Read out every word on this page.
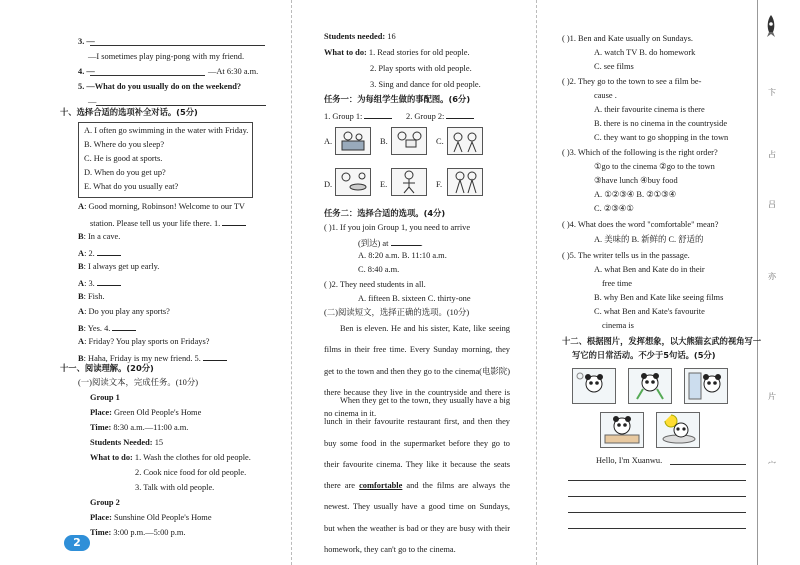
3. —
—I sometimes play ping-pong with my friend.
4. —	—At 6:30 a.m.
5. —What do you usually do on the weekend?
—
十、选择合适的选项补全对话。(5分)
A. I often go swimming in the water with Friday.
B. Where do you sleep?
C. He is good at sports.
D. When do you get up?
E. What do you usually eat?
A: Good morning, Robinson! Welcome to our TV
station. Please tell us your life there. 1.
B: In a cave.
A: 2.
B: I always get up early.
A: 3.
B: Fish.
A: Do you play any sports?
B: Yes. 4.
A: Friday? You play sports on Fridays?
B: Haha, Friday is my new friend. 5.
十一、阅读理解。(20分)
(一)阅读文本，完成任务。(10分)
Group 1
Place: Green Old People's Home
Time: 8:30 a.m.—11:00 a.m.
Students Needed: 15
What to do: 1. Wash the clothes for old people.
2. Cook nice food for old people.
3. Talk with old people.
Group 2
Place: Sunshine Old People's Home
Time: 3:00 p.m.—5:00 p.m.
2
Students needed: 16
What to do: 1. Read stories for old people.
2. Play sports with old people.
3. Sing and dance for old people.
任务一：为每组学生做的事配图。(6分)
1. Group 1:	2. Group 2:
A.	B.	C.
D.	E.	F.
任务二：选择合适的选项。(4分)
( )1. If you join Group 1, you need to arrive
(到达) at	.
A. 8:20 a.m. B. 11:10 a.m.
C. 8:40 a.m.
( )2. They need students in all.
A. fifteen B. sixteen C. thirty-one
(二)阅读短文，选择正确的选项。(10分)
Ben is eleven. He and his sister, Kate, like seeing films in their free time. Every Sunday morning, they get to the town and then they go to the cinema(电影院) there because they live in the countryside and there is no cinema in it.
When they get to the town, they usually have a big lunch in their favourite restaurant first, and then they buy some food in the supermarket before they go to their favourite cinema. They like it because the seats there are comfortable and the films are always the newest. They usually have a good time on Sundays, but when the weather is bad or they are busy with their homework, they can't go to the cinema.
( )1. Ben and Kate usually on Sundays.
A. watch TV B. do homework
C. see films
( )2. They go to the town to see a film be-
cause .
A. their favourite cinema is there
B. there is no cinema in the countryside
C. they want to go shopping in the town
( )3. Which of the following is the right order?
①go to the cinema ②go to the town
③have lunch ④buy food
A. ①②③④ B. ②①③④
C. ②③④①
( )4. What does the word "comfortable" mean?
A. 美味的 B. 新鲜的 C. 舒适的
( )5. The writer tells us in the passage.
A. what Ben and Kate do in their
free time
B. why Ben and Kate like seeing films
C. what Ben and Kate's favourite
cinema is
十二、根据图片，发挥想象，以大熊猫玄武的视角写一
写它的日常活动。不少于5句话。(5分)
Hello, I'm Xuanwu.
卞
占
吕
亦
片
宀
